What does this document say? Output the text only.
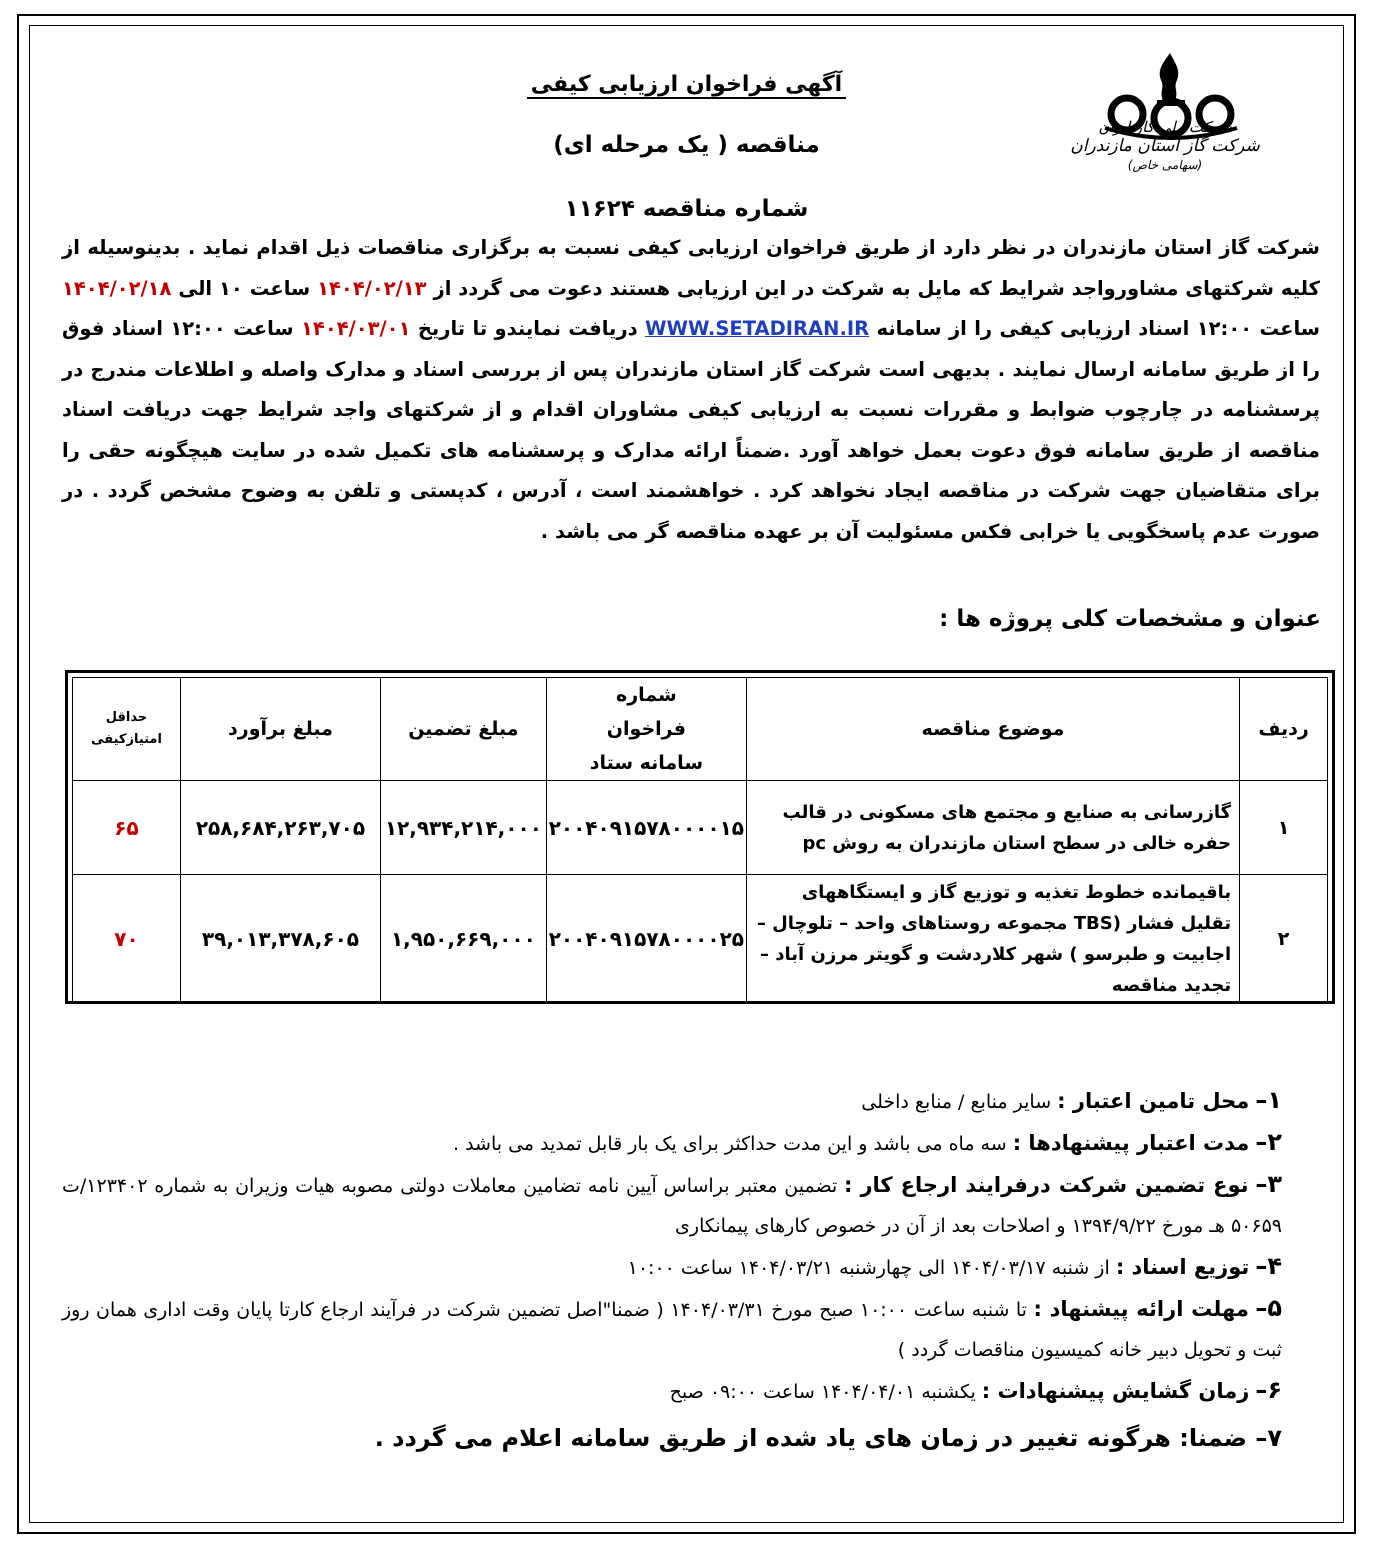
شرکت ملی گاز ایران
شرکت گاز استان مازندران
(سهامی خاص)
آگهی فراخوان ارزیابی کیفی
مناقصه ( یک مرحله ای)
شماره مناقصه ۱۱۶۲۴
شرکت گاز استان مازندران در نظر دارد از طریق فراخوان ارزیابی کیفی نسبت به برگزاری مناقصات ذیل اقدام نماید . بدینوسیله از کلیه شرکتهای مشاورواجد شرایط که مایل به شرکت در این ارزیابی هستند دعوت می گردد از ۱۴۰۴/۰۲/۱۳ ساعت ۱۰ الی ۱۴۰۴/۰۲/۱۸ ساعت ۱۲:۰۰ اسناد ارزیابی کیفی را از سامانه WWW.SETADIRAN.IR دریافت نمایندو تا تاریخ ۱۴۰۴/۰۳/۰۱ ساعت ۱۲:۰۰ اسناد فوق را از طریق سامانه ارسال نمایند . بدیهی است شرکت گاز استان مازندران پس از بررسی اسناد و مدارک واصله و اطلاعات مندرج در پرسشنامه در چارچوب ضوابط و مقررات نسبت به ارزیابی کیفی مشاوران اقدام و از شرکتهای واجد شرایط جهت دریافت اسناد مناقصه از طریق سامانه فوق دعوت بعمل خواهد آورد .ضمناً ارائه مدارک و پرسشنامه های تکمیل شده در سایت هیچگونه حقی را برای متقاضیان جهت شرکت در مناقصه ایجاد نخواهد کرد . خواهشمند است ، آدرس ، کدپستی و تلفن به وضوح مشخص گردد . در صورت عدم پاسخگویی یا خرابی فکس مسئولیت آن بر عهده مناقصه گر می باشد .
عنوان و مشخصات کلی پروژه ها :
ردیف	موضوع مناقصه	شماره فراخوان سامانه ستاد	مبلغ تضمین	مبلغ برآورد	حداقل امتیازکیفی
۱	گازرسانی به صنایع و مجتمع های مسکونی در قالب حفره خالی در سطح استان مازندران به روش pc	۲۰۰۴۰۹۱۵۷۸۰۰۰۰۱۵	۱۲,۹۳۴,۲۱۴,۰۰۰	۲۵۸,۶۸۴,۲۶۳,۷۰۵	۶۵
۲	باقیمانده خطوط تغذیه و توزیع گاز و ایستگاههای تقلیل فشار (TBS مجموعه روستاهای واحد – تلوچال – اجابیت و طبرسو ) شهر کلاردشت و گویتر مرزن آباد – تجدید مناقصه	۲۰۰۴۰۹۱۵۷۸۰۰۰۰۲۵	۱,۹۵۰,۶۶۹,۰۰۰	۳۹,۰۱۳,۳۷۸,۶۰۵	۷۰
۱– محل تامین اعتبار : سایر منابع / منابع داخلی
۲– مدت اعتبار پیشنهادها : سه ماه می باشد و این مدت حداکثر برای یک بار قابل تمدید می باشد .
۳– نوع تضمین شرکت درفرایند ارجاع کار : تضمین معتبر براساس آیین نامه تضامین معاملات دولتی مصوبه هیات وزیران به شماره ۱۲۳۴۰۲/ت ۵۰۶۵۹ هـ مورخ ۱۳۹۴/۹/۲۲ و اصلاحات بعد از آن در خصوص کارهای پیمانکاری
۴– توزیع اسناد : از شنبه ۱۴۰۴/۰۳/۱۷ الی چهارشنبه ۱۴۰۴/۰۳/۲۱ ساعت ۱۰:۰۰
۵– مهلت ارائه پیشنهاد : تا شنبه ساعت ۱۰:۰۰ صبح مورخ ۱۴۰۴/۰۳/۳۱ ( ضمنا"اصل تضمین شرکت در فرآیند ارجاع کارتا پایان وقت اداری همان روز ثبت و تحویل دبیر خانه کمیسیون مناقصات گردد )
۶– زمان گشایش پیشنهادات : یکشنبه ۱۴۰۴/۰۴/۰۱ ساعت ۰۹:۰۰ صبح
۷– ضمنا: هرگونه تغییر در زمان های یاد شده از طریق سامانه اعلام می گردد .
